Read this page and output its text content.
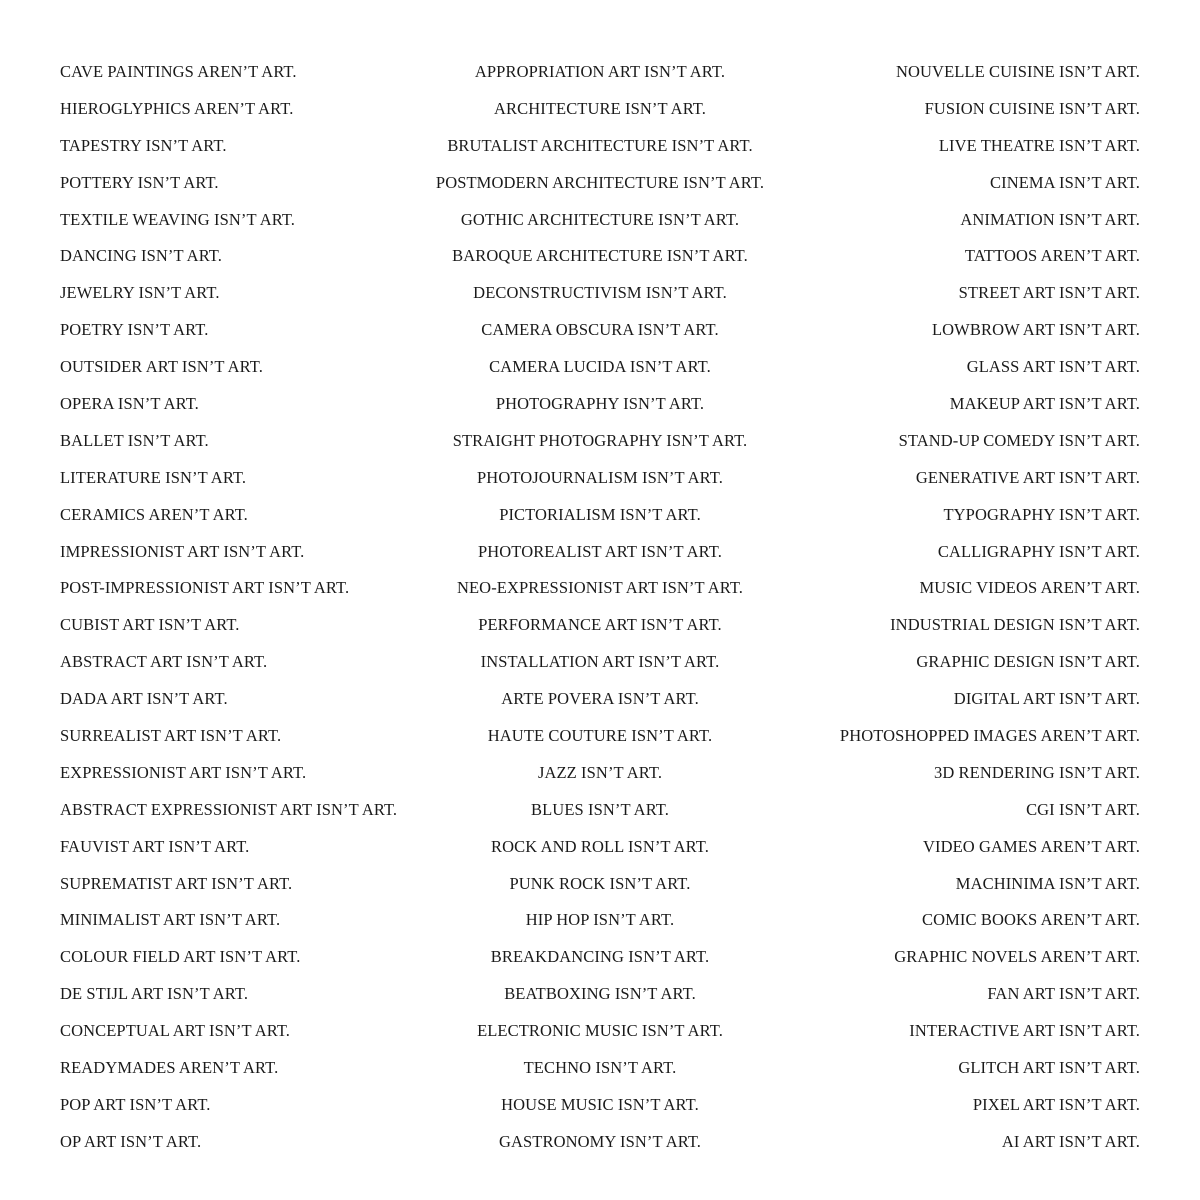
CAVE PAINTINGS AREN’T ART.
HIEROGLYPHICS AREN’T ART.
TAPESTRY ISN’T ART.
POTTERY ISN’T ART.
TEXTILE WEAVING ISN’T ART.
DANCING ISN’T ART.
JEWELRY ISN’T ART.
POETRY ISN’T ART.
OUTSIDER ART ISN’T ART.
OPERA ISN’T ART.
BALLET ISN’T ART.
LITERATURE ISN’T ART.
CERAMICS AREN’T ART.
IMPRESSIONIST ART ISN’T ART.
POST-IMPRESSIONIST ART ISN’T ART.
CUBIST ART ISN’T ART.
ABSTRACT ART ISN’T ART.
DADA ART ISN’T ART.
SURREALIST ART ISN’T ART.
EXPRESSIONIST ART ISN’T ART.
ABSTRACT EXPRESSIONIST ART ISN’T ART.
FAUVIST ART ISN’T ART.
SUPREMATIST ART ISN’T ART.
MINIMALIST ART ISN’T ART.
COLOUR FIELD ART ISN’T ART.
DE STIJL ART ISN’T ART.
CONCEPTUAL ART ISN’T ART.
READYMADES AREN’T ART.
POP ART ISN’T ART.
OP ART ISN’T ART.
APPROPRIATION ART ISN’T ART.
ARCHITECTURE ISN’T ART.
BRUTALIST ARCHITECTURE ISN’T ART.
POSTMODERN ARCHITECTURE ISN’T ART.
GOTHIC ARCHITECTURE ISN’T ART.
BAROQUE ARCHITECTURE ISN’T ART.
DECONSTRUCTIVISM ISN’T ART.
CAMERA OBSCURA ISN’T ART.
CAMERA LUCIDA ISN’T ART.
PHOTOGRAPHY ISN’T ART.
STRAIGHT PHOTOGRAPHY ISN’T ART.
PHOTOJOURNALISM ISN’T ART.
PICTORIALISM ISN’T ART.
PHOTOREALIST ART ISN’T ART.
NEO-EXPRESSIONIST ART ISN’T ART.
PERFORMANCE ART ISN’T ART.
INSTALLATION ART ISN’T ART.
ARTE POVERA ISN’T ART.
HAUTE COUTURE ISN’T ART.
JAZZ ISN’T ART.
BLUES ISN’T ART.
ROCK AND ROLL ISN’T ART.
PUNK ROCK ISN’T ART.
HIP HOP ISN’T ART.
BREAKDANCING ISN’T ART.
BEATBOXING ISN’T ART.
ELECTRONIC MUSIC ISN’T ART.
TECHNO ISN’T ART.
HOUSE MUSIC ISN’T ART.
GASTRONOMY ISN’T ART.
NOUVELLE CUISINE ISN’T ART.
FUSION CUISINE ISN’T ART.
LIVE THEATRE ISN’T ART.
CINEMA ISN’T ART.
ANIMATION ISN’T ART.
TATTOOS AREN’T ART.
STREET ART ISN’T ART.
LOWBROW ART ISN’T ART.
GLASS ART ISN’T ART.
MAKEUP ART ISN’T ART.
STAND-UP COMEDY ISN’T ART.
GENERATIVE ART ISN’T ART.
TYPOGRAPHY ISN’T ART.
CALLIGRAPHY ISN’T ART.
MUSIC VIDEOS AREN’T ART.
INDUSTRIAL DESIGN ISN’T ART.
GRAPHIC DESIGN ISN’T ART.
DIGITAL ART ISN’T ART.
PHOTOSHOPPED IMAGES AREN’T ART.
3D RENDERING ISN’T ART.
CGI ISN’T ART.
VIDEO GAMES AREN’T ART.
MACHINIMA ISN’T ART.
COMIC BOOKS AREN’T ART.
GRAPHIC NOVELS AREN’T ART.
FAN ART ISN’T ART.
INTERACTIVE ART ISN’T ART.
GLITCH ART ISN’T ART.
PIXEL ART ISN’T ART.
AI ART ISN’T ART.
